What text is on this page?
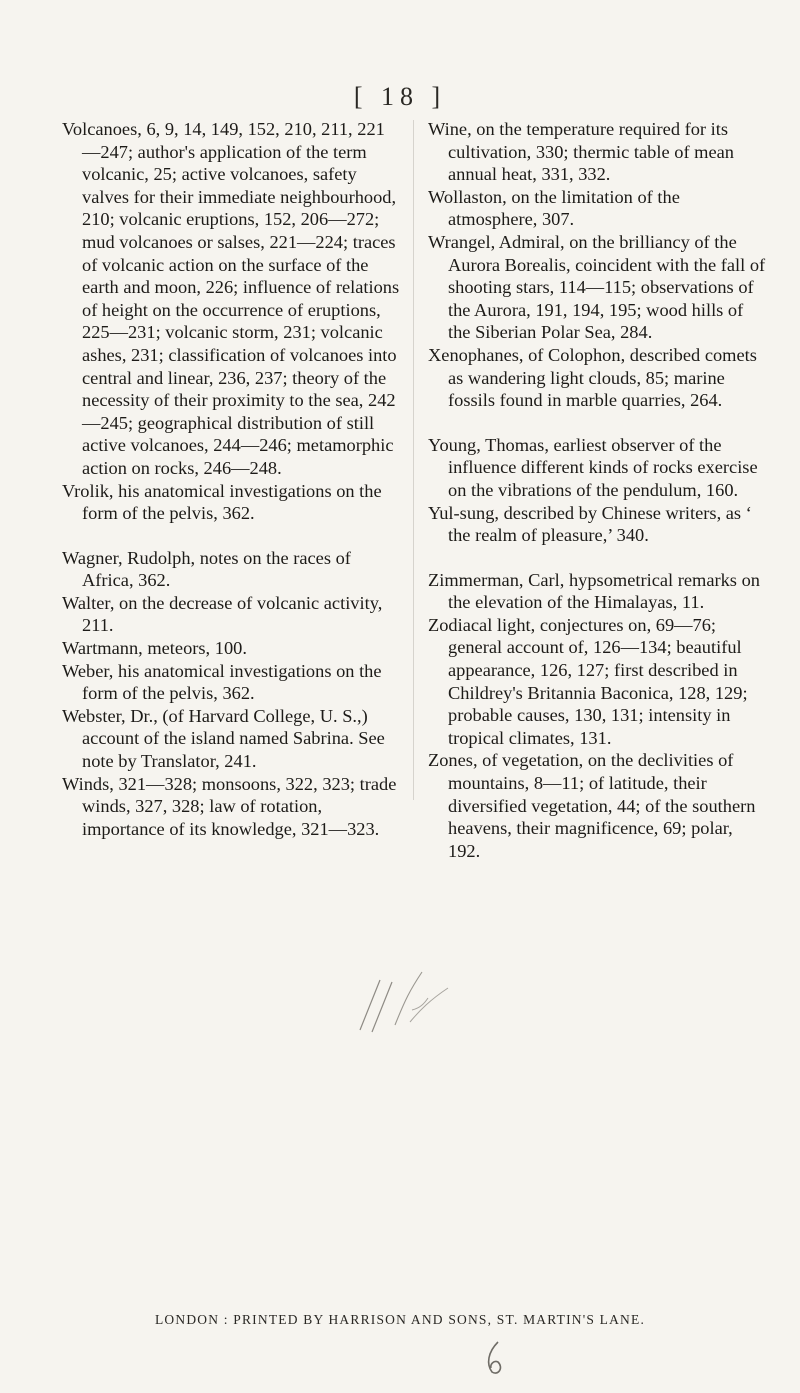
[ 18 ]

Volcanoes, 6, 9, 14, 149, 152, 210, 211, 221—247; author's application of the term volcanic, 25; active volcanoes, safety valves for their immediate neighbourhood, 210; volcanic eruptions, 152, 206—272; mud volcanoes or salses, 221—224; traces of volcanic action on the surface of the earth and moon, 226; influence of relations of height on the occurrence of eruptions, 225—231; volcanic storm, 231; volcanic ashes, 231; classification of volcanoes into central and linear, 236, 237; theory of the necessity of their proximity to the sea, 242—245; geographical distribution of still active volcanoes, 244—246; metamorphic action on rocks, 246—248.

Vrolik, his anatomical investigations on the form of the pelvis, 362.

Wagner, Rudolph, notes on the races of Africa, 362.

Walter, on the decrease of volcanic activity, 211.

Wartmann, meteors, 100.

Weber, his anatomical investigations on the form of the pelvis, 362.

Webster, Dr., (of Harvard College, U. S.,) account of the island named Sabrina. See note by Translator, 241.

Winds, 321—328; monsoons, 322, 323; trade winds, 327, 328; law of rotation, importance of its knowledge, 321—323.

Wine, on the temperature required for its cultivation, 330; thermic table of mean annual heat, 331, 332.

Wollaston, on the limitation of the atmosphere, 307.

Wrangel, Admiral, on the brilliancy of the Aurora Borealis, coincident with the fall of shooting stars, 114—115; observations of the Aurora, 191, 194, 195; wood hills of the Siberian Polar Sea, 284.

Xenophanes, of Colophon, described comets as wandering light clouds, 85; marine fossils found in marble quarries, 264.

Young, Thomas, earliest observer of the influence different kinds of rocks exercise on the vibrations of the pendulum, 160.

Yul-sung, described by Chinese writers, as ‘ the realm of pleasure,’ 340.

Zimmerman, Carl, hypsometrical remarks on the elevation of the Himalayas, 11.

Zodiacal light, conjectures on, 69—76; general account of, 126—134; beautiful appearance, 126, 127; first described in Childrey's Britannia Baconica, 128, 129; probable causes, 130, 131; intensity in tropical climates, 131.

Zones, of vegetation, on the declivities of mountains, 8—11; of latitude, their diversified vegetation, 44; of the southern heavens, their magnificence, 69; polar, 192.

LONDON : PRINTED BY HARRISON AND SONS, ST. MARTIN'S LANE.
